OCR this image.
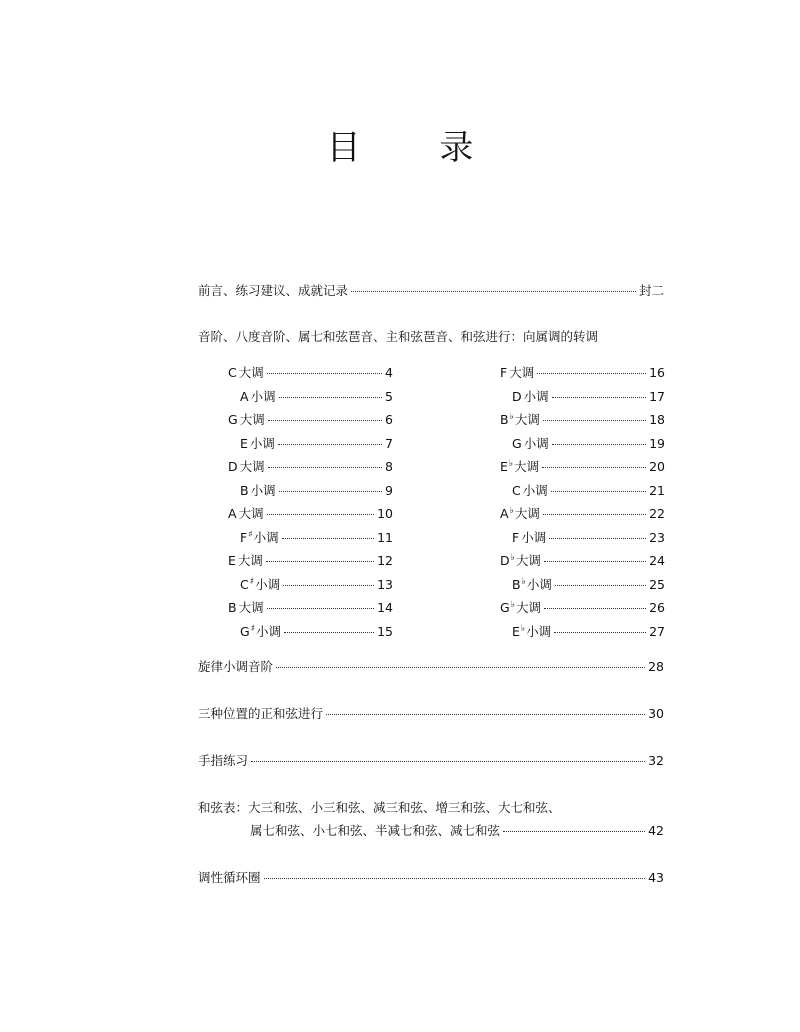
目 录
前言、练习建议、成就记录	封二
音阶、八度音阶、属七和弦琶音、主和弦琶音、和弦进行：向属调的转调
C 大调	4
A 小调	5
G 大调	6
E 小调	7
D 大调	8
B 小调	9
A 大调	10
F♯小调	11
E 大调	12
C♯小调	13
B 大调	14
G♯小调	15
F 大调	16
D 小调	17
B♭大调	18
G 小调	19
E♭大调	20
C 小调	21
A♭大调	22
F 小调	23
D♭大调	24
B♭小调	25
G♭大调	26
E♭小调	27
旋律小调音阶	28
三种位置的正和弦进行	30
手指练习	32
和弦表：大三和弦、小三和弦、减三和弦、增三和弦、大七和弦、
属七和弦、小七和弦、半减七和弦、减七和弦	42
调性循环圈	43
